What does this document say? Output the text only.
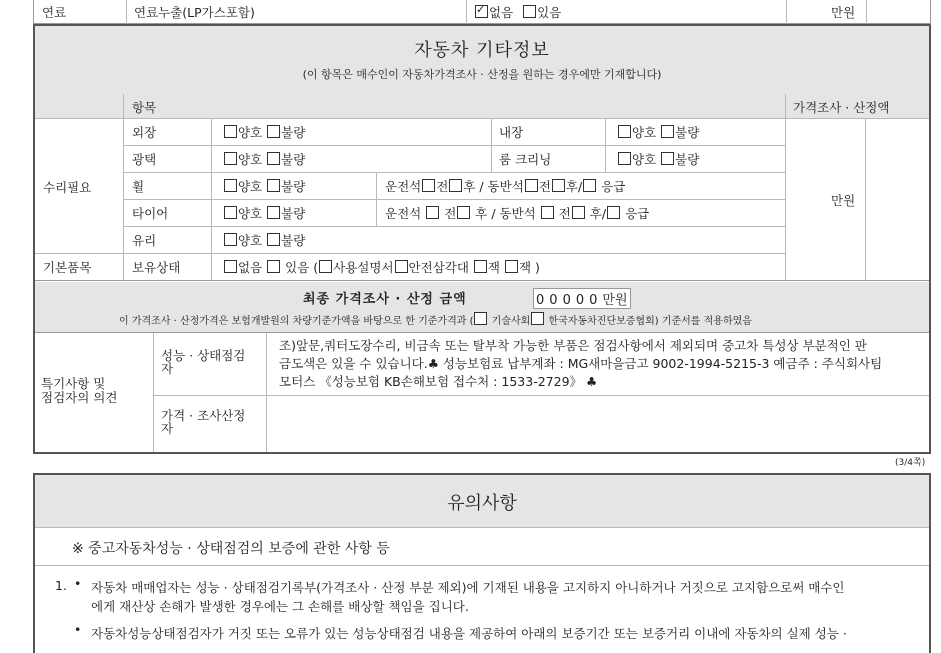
연료	연료누출(LP가스포함)
✓	없음 있음	만원
자동차 기타정보
(이 항목은 매수인이 자동차가격조사 · 산정을 원하는 경우에만 기재합니다)
항목	가격조사 · 산정액
수리필요
만원
외장	양호 불량	내장	양호 불량
광택	양호 불량	룸 크리닝	양호 불량
휠	양호 불량	운전석 전 후 / 동반석 전 후/ 응급
타이어	양호 불량	운전석 전 후 / 동반석 전 후/ 응급
유리	양호 불량
기본품목	보유상태	없음 있음 ( 사용설명서 안전삼각대 잭 잭 )
최종 가격조사 · 산정 금액	00000만원
이 가격조사 · 산정가격은 보험개발원의 차량기준가액을 바탕으로 한 기준가격과 ( 기술사회 한국자동차진단보증협회) 기준서를 적용하였음
특기사항 및
점검자의 의견
성능 · 상태점검
자
조)앞문,쿼터도장수리, 비금속 또는 탈부착 가능한 부품은 점검사항에서 제외되며 중고차 특성상 부분적인 판
금도색은 있을 수 있습니다.♣ 성능보험료 납부계좌 : MG새마을금고 9002-1994-5215-3 예금주 : 주식회사팀
모터스 《성능보험 KB손해보험 접수처 : 1533-2729》 ♣
가격 · 조사산정
자
(3/4쪽)
유의사항
※ 중고자동차성능 · 상태점검의 보증에 관한 사항 등
1. • 자동차 매매업자는 성능 · 상태점검기록부(가격조사 · 산정 부분 제외)에 기재된 내용을 고지하지 아니하거나 거짓으로 고지함으로써 매수인
에게 재산상 손해가 발생한 경우에는 그 손해를 배상할 책임을 집니다.
• 자동차성능상태점검자가 거짓 또는 오류가 있는 성능상태점검 내용을 제공하여 아래의 보증기간 또는 보증거리 이내에 자동차의 실제 성능 ·
